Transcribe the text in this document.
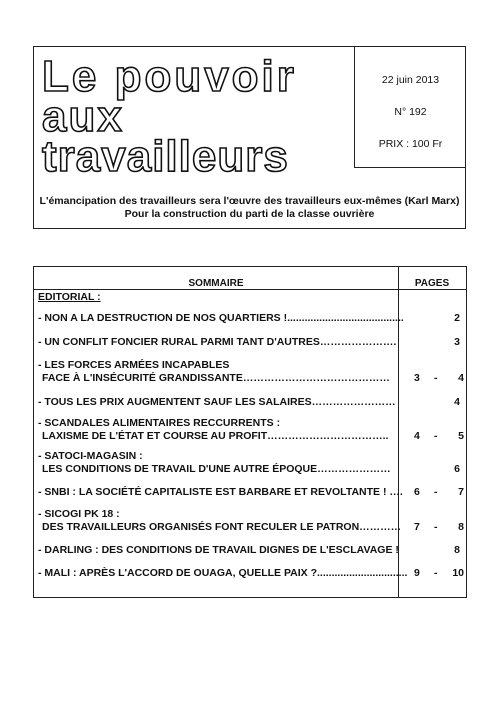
Le pouvoir
aux
travailleurs
22 juin 2013
N° 192
PRIX : 100 Fr
L'émancipation des travailleurs sera l'œuvre des travailleurs eux-mêmes (Karl Marx)
Pour la construction du parti de la classe ouvrière
SOMMAIRE	PAGES
EDITORIAL :
- NON A LA DESTRUCTION DE NOS QUARTIERS !........................................	2
- UN CONFLIT FONCIER RURAL PARMI TANT D'AUTRES………………….	3
- LES FORCES ARMÉES INCAPABLES
FACE À L'INSÉCURITÉ GRANDISSANTE…………………………………… 3 - 4
- TOUS LES PRIX AUGMENTENT SAUF LES SALAIRES……………………	4
- SCANDALES ALIMENTAIRES RECCURRENTS :
LAXISME DE L'ÉTAT ET COURSE AU PROFIT…………………………….. 4 - 5
- SATOCI-MAGASIN :
LES CONDITIONS DE TRAVAIL D'UNE AUTRE ÉPOQUE…………………	6
- SNBI : LA SOCIÉTÉ CAPITALISTE EST BARBARE ET REVOLTANTE ! …. 6 - 7
- SICOGI PK 18 :
DES TRAVAILLEURS ORGANISÉS FONT RECULER LE PATRON………… 7 - 8
- DARLING : DES CONDITIONS DE TRAVAIL DIGNES DE L'ESCLAVAGE !	8
- MALI : APRÈS L'ACCORD DE OUAGA, QUELLE PAIX ?............................... 9 - 10
